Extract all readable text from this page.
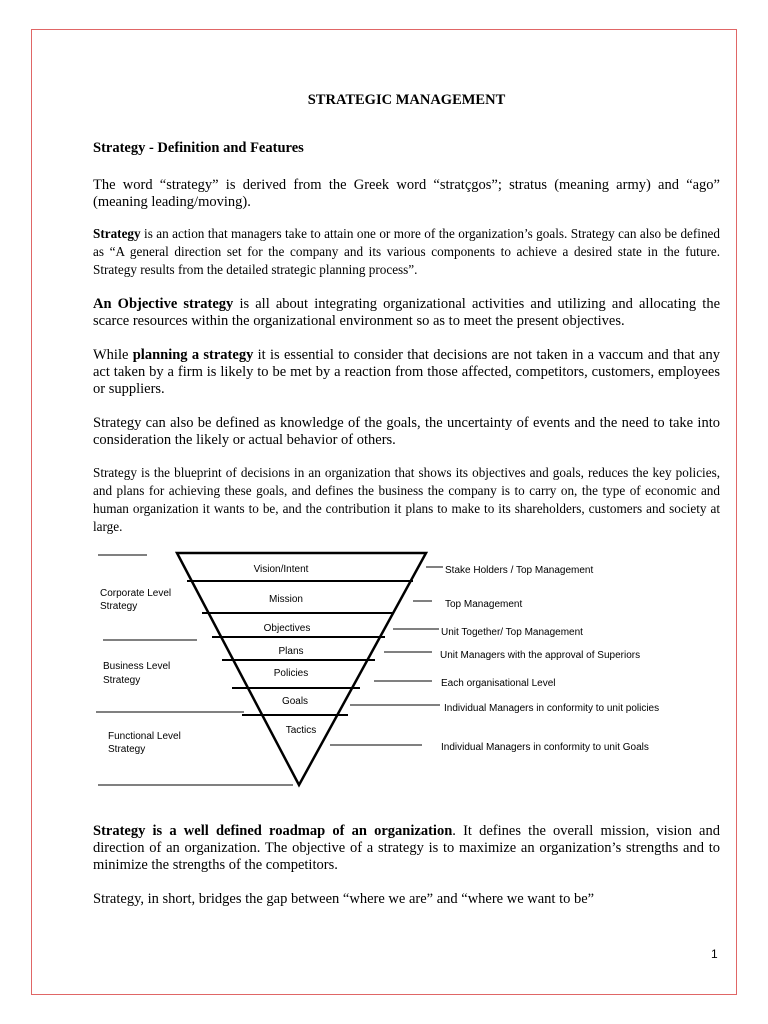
STRATEGIC MANAGEMENT

Strategy - Definition and Features

The word “strategy” is derived from the Greek word “stratçgos”; stratus (meaning army) and “ago” (meaning leading/moving).

Strategy is an action that managers take to attain one or more of the organization’s goals. Strategy can also be defined as “A general direction set for the company and its various components to achieve a desired state in the future. Strategy results from the detailed strategic planning process”.

An Objective strategy is all about integrating organizational activities and utilizing and allocating the scarce resources within the organizational environment so as to meet the present objectives.

While planning a strategy it is essential to consider that decisions are not taken in a vaccum and that any act taken by a firm is likely to be met by a reaction from those affected, competitors, customers, employees or suppliers.

Strategy can also be defined as knowledge of the goals, the uncertainty of events and the need to take into consideration the likely or actual behavior of others.

Strategy is the blueprint of decisions in an organization that shows its objectives and goals, reduces the key policies, and plans for achieving these goals, and defines the business the company is to carry on, the type of economic and human organization it wants to be, and the contribution it plans to make to its shareholders, customers and society at large.

Strategy is a well defined roadmap of an organization. It defines the overall mission, vision and direction of an organization. The objective of a strategy is to maximize an organization’s strengths and to minimize the strengths of the competitors.

Strategy, in short, bridges the gap between “where we are” and “where we want to be”

Vision/Intent
Mission
Objectives
Plans
Policies
Goals
Tactics
Corporate Level
Strategy
Business Level
Strategy
Functional Level
Strategy
Stake Holders / Top Management
Top Management
Unit Together/ Top Management
Unit Managers with the approval of Superiors
Each organisational Level
Individual Managers in conformity to unit policies
Individual Managers in conformity to unit Goals
1
